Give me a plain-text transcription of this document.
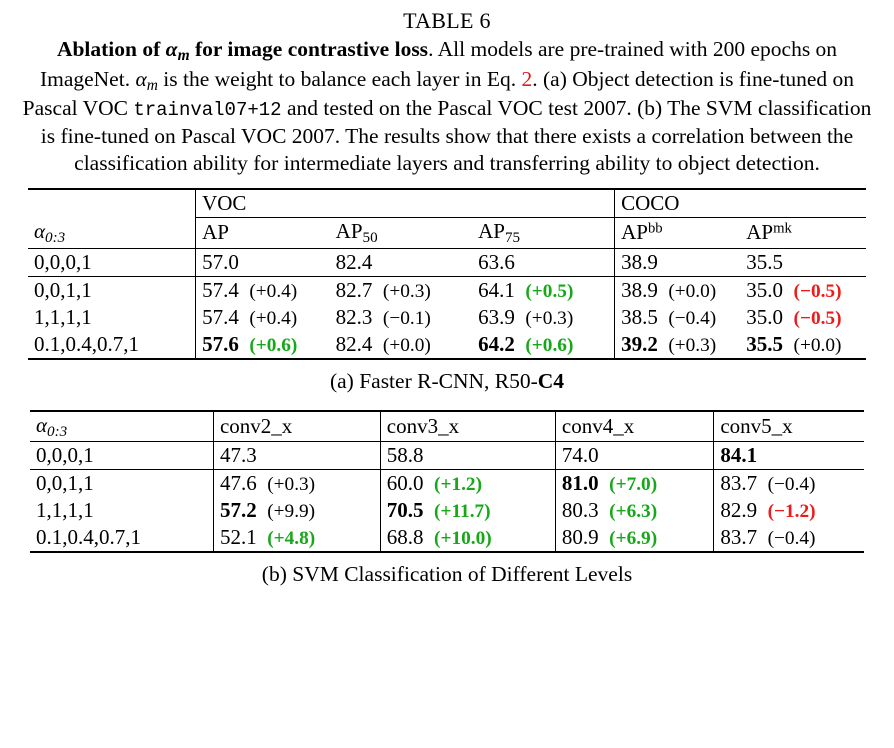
TABLE 6
Ablation of $\alpha_m$ for image contrastive loss. All models are pre-trained with 200 epochs on ImageNet. $\alpha_m$ is the weight to balance each layer in Eq. 2. (a) Object detection is fine-tuned on Pascal VOC trainval07+12 and tested on the Pascal VOC test 2007. (b) The SVM classification is fine-tuned on Pascal VOC 2007. The results show that there exists a correlation between the classification ability for intermediate layers and transferring ability to object detection.
	VOC			COCO	
$\alpha_{0:3}$	AP	$AP_{50}$	$AP_{75}$	$AP^{bb}$	$AP^{mk}$
0,0,0,1	57.0	82.4	63.6	38.9	35.5
0,0,1,1	57.4 (+0.4)	82.7 (+0.3)	64.1 (+0.5)	38.9 (+0.0)	35.0 (−0.5)
1,1,1,1	57.4 (+0.4)	82.3 (−0.1)	63.9 (+0.3)	38.5 (−0.4)	35.0 (−0.5)
0.1,0.4,0.7,1	57.6 (+0.6)	82.4 (+0.0)	64.2 (+0.6)	39.2 (+0.3)	35.5 (+0.0)
(a) Faster R-CNN, R50-C4
$\alpha_{0:3}$	conv2_x	conv3_x	conv4_x	conv5_x
0,0,0,1	47.3	58.8	74.0	84.1
0,0,1,1	47.6 (+0.3)	60.0 (+1.2)	81.0 (+7.0)	83.7 (−0.4)
1,1,1,1	57.2 (+9.9)	70.5 (+11.7)	80.3 (+6.3)	82.9 (−1.2)
0.1,0.4,0.7,1	52.1 (+4.8)	68.8 (+10.0)	80.9 (+6.9)	83.7 (−0.4)
(b) SVM Classification of Different Levels
